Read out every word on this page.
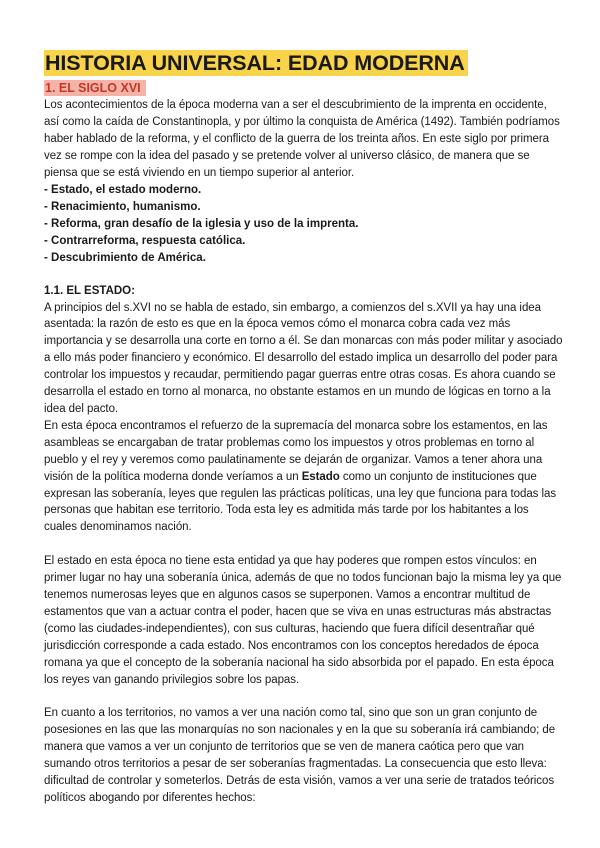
HISTORIA UNIVERSAL: EDAD MODERNA
1. EL SIGLO XVI

Los acontecimientos de la época moderna van a ser el descubrimiento de la imprenta en occidente, así como la caída de Constantinopla, y por último la conquista de América (1492). También podríamos haber hablado de la reforma, y el conflicto de la guerra de los treinta años. En este siglo por primera vez se rompe con la idea del pasado y se pretende volver al universo clásico, de manera que se piensa que se está viviendo en un tiempo superior al anterior.

- Estado, el estado moderno.
- Renacimiento, humanismo.
- Reforma, gran desafío de la iglesia y uso de la imprenta.
- Contrarreforma, respuesta católica.
- Descubrimiento de América.
1.1. EL ESTADO:

A principios del s.XVI no se habla de estado, sin embargo, a comienzos del s.XVII ya hay una idea asentada: la razón de esto es que en la época vemos cómo el monarca cobra cada vez más importancia y se desarrolla una corte en torno a él. Se dan monarcas con más poder militar y asociado a ello más poder financiero y económico. El desarrollo del estado implica un desarrollo del poder para controlar los impuestos y recaudar, permitiendo pagar guerras entre otras cosas. Es ahora cuando se desarrolla el estado en torno al monarca, no obstante estamos en un mundo de lógicas en torno a la idea del pacto.

En esta época encontramos el refuerzo de la supremacía del monarca sobre los estamentos, en las asambleas se encargaban de tratar problemas como los impuestos y otros problemas en torno al pueblo y el rey y veremos como paulatinamente se dejarán de organizar. Vamos a tener ahora una visión de la política moderna donde veríamos a un Estado como un conjunto de instituciones que expresan las soberanía, leyes que regulen las prácticas políticas, una ley que funciona para todas las personas que habitan ese territorio. Toda esta ley es admitida más tarde por los habitantes a los cuales denominamos nación.

El estado en esta época no tiene esta entidad ya que hay poderes que rompen estos vínculos: en primer lugar no hay una soberanía única, además de que no todos funcionan bajo la misma ley ya que tenemos numerosas leyes que en algunos casos se superponen. Vamos a encontrar multitud de estamentos que van a actuar contra el poder, hacen que se viva en unas estructuras más abstractas (como las ciudades-independientes), con sus culturas, haciendo que fuera difícil desentrañar qué jurisdicción corresponde a cada estado. Nos encontramos con los conceptos heredados de época romana ya que el concepto de la soberanía nacional ha sido absorbida por el papado. En esta época los reyes van ganando privilegios sobre los papas.

En cuanto a los territorios, no vamos a ver una nación como tal, sino que son un gran conjunto de posesiones en las que las monarquías no son nacionales y en la que su soberanía irá cambiando; de manera que vamos a ver un conjunto de territorios que se ven de manera caótica pero que van sumando otros territorios a pesar de ser soberanías fragmentadas. La consecuencia que esto lleva: dificultad de controlar y someterlos. Detrás de esta visión, vamos a ver una serie de tratados teóricos políticos abogando por diferentes hechos:
